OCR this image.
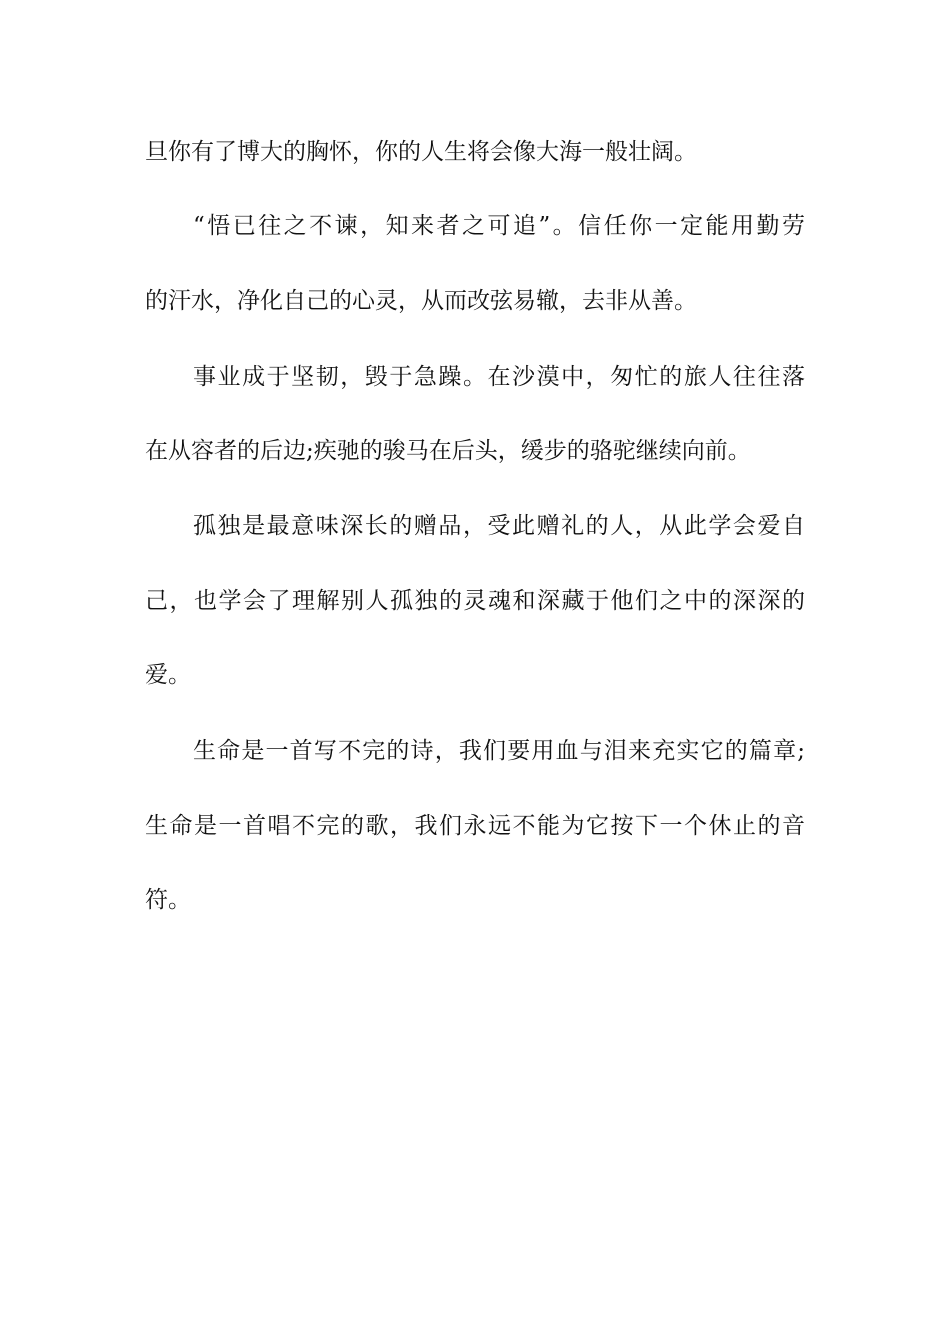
旦你有了博大的胸怀，你的人生将会像大海一般壮阔。
“悟已往之不谏，知来者之可追”。信任你一定能用勤劳
的汗水，净化自己的心灵，从而改弦易辙，去非从善。
事业成于坚韧，毁于急躁。在沙漠中，匆忙的旅人往往落
在从容者的后边;疾驰的骏马在后头，缓步的骆驼继续向前。
孤独是最意味深长的赠品，受此赠礼的人，从此学会爱自
己，也学会了理解别人孤独的灵魂和深藏于他们之中的深深的
爱。
生命是一首写不完的诗，我们要用血与泪来充实它的篇章;
生命是一首唱不完的歌，我们永远不能为它按下一个休止的音
符。
